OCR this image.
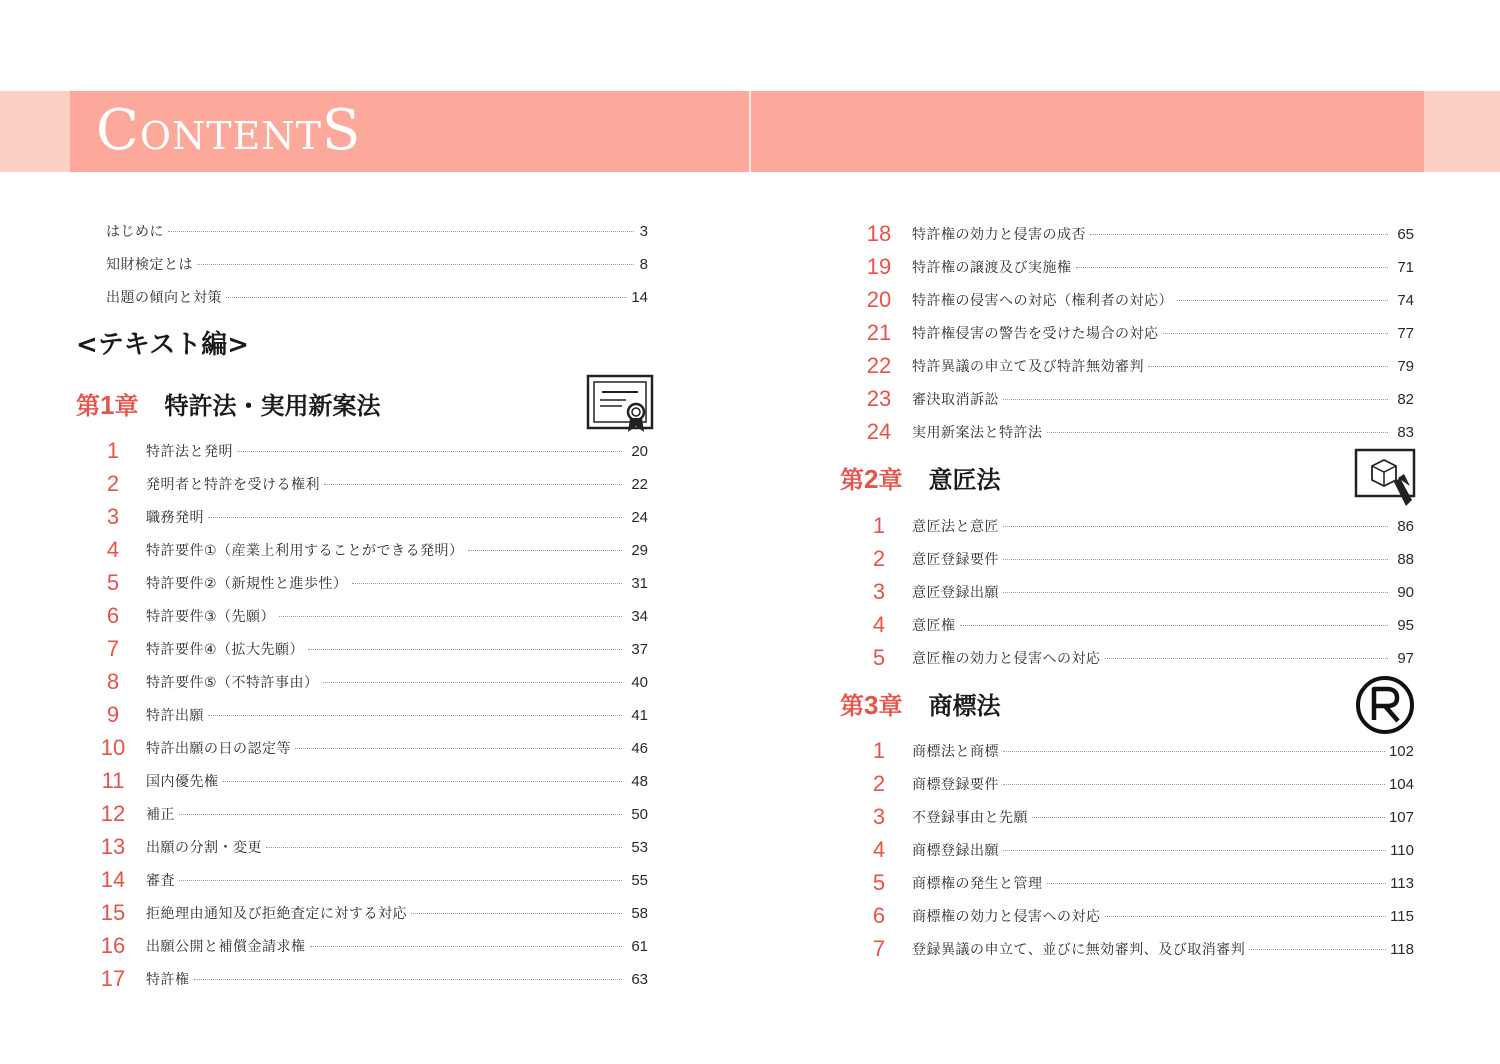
CONTENTS
はじめに	3
知財検定とは	8
出題の傾向と対策	14
<テキスト編>
第1章 特許法・実用新案法
1	特許法と発明	20
2	発明者と特許を受ける権利	22
3	職務発明	24
4	特許要件①（産業上利用することができる発明）	29
5	特許要件②（新規性と進歩性）	31
6	特許要件③（先願）	34
7	特許要件④（拡大先願）	37
8	特許要件⑤（不特許事由）	40
9	特許出願	41
10 特許出願の日の認定等	46
11 国内優先権	48
12 補正	50
13 出願の分割・変更	53
14 審査	55
15 拒絶理由通知及び拒絶査定に対する対応	58
16 出願公開と補償金請求権	61
17 特許権	63
18 特許権の効力と侵害の成否	65
19 特許権の譲渡及び実施権	71
20 特許権の侵害への対応（権利者の対応）	74
21 特許権侵害の警告を受けた場合の対応	77
22 特許異議の申立て及び特許無効審判	79
23 審決取消訴訟	82
24 実用新案法と特許法	83
第2章 意匠法
1	意匠法と意匠	86
2	意匠登録要件	88
3	意匠登録出願	90
4	意匠権	95
5	意匠権の効力と侵害への対応	97
第3章 商標法
1	商標法と商標	102
2	商標登録要件	104
3	不登録事由と先願	107
4	商標登録出願	110
5	商標権の発生と管理	113
6	商標権の効力と侵害への対応	115
7	登録異議の申立て、並びに無効審判、及び取消審判	118
